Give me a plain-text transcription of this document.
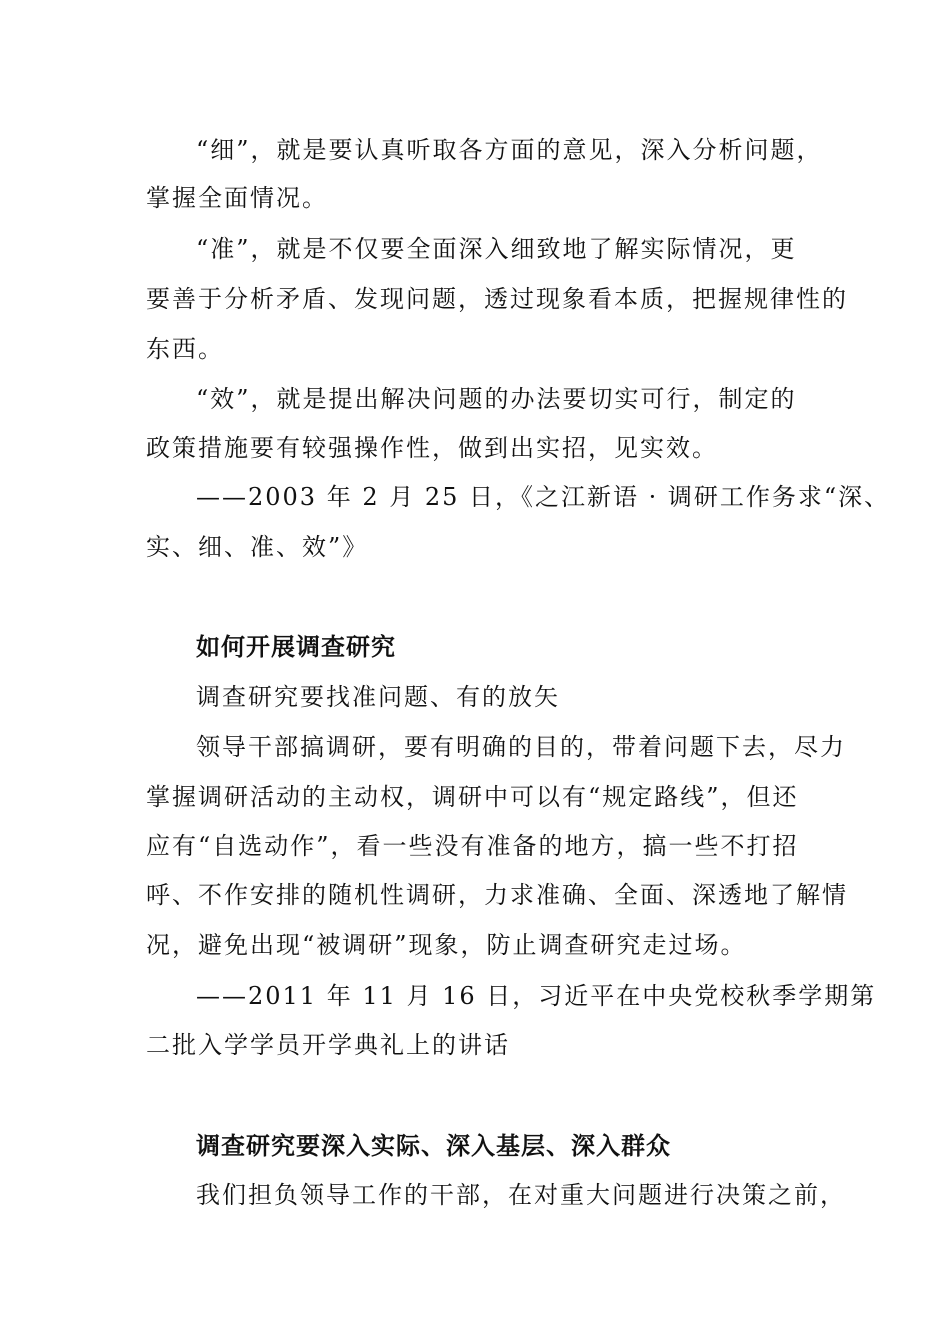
“细”，就是要认真听取各方面的意见，深入分析问题，
掌握全面情况。
“准”，就是不仅要全面深入细致地了解实际情况，更
要善于分析矛盾、发现问题，透过现象看本质，把握规律性的
东西。
“效”，就是提出解决问题的办法要切实可行，制定的
政策措施要有较强操作性，做到出实招，见实效。
——2003 年 2 月 25 日，《之江新语 · 调研工作务求“深、
实、细、准、效”》
如何开展调查研究
调查研究要找准问题、有的放矢
领导干部搞调研，要有明确的目的，带着问题下去，尽力
掌握调研活动的主动权，调研中可以有“规定路线”，但还
应有“自选动作”，看一些没有准备的地方，搞一些不打招
呼、不作安排的随机性调研，力求准确、全面、深透地了解情
况，避免出现“被调研”现象，防止调查研究走过场。
——2011 年 11 月 16 日，习近平在中央党校秋季学期第
二批入学学员开学典礼上的讲话
调查研究要深入实际、深入基层、深入群众
我们担负领导工作的干部，在对重大问题进行决策之前，
